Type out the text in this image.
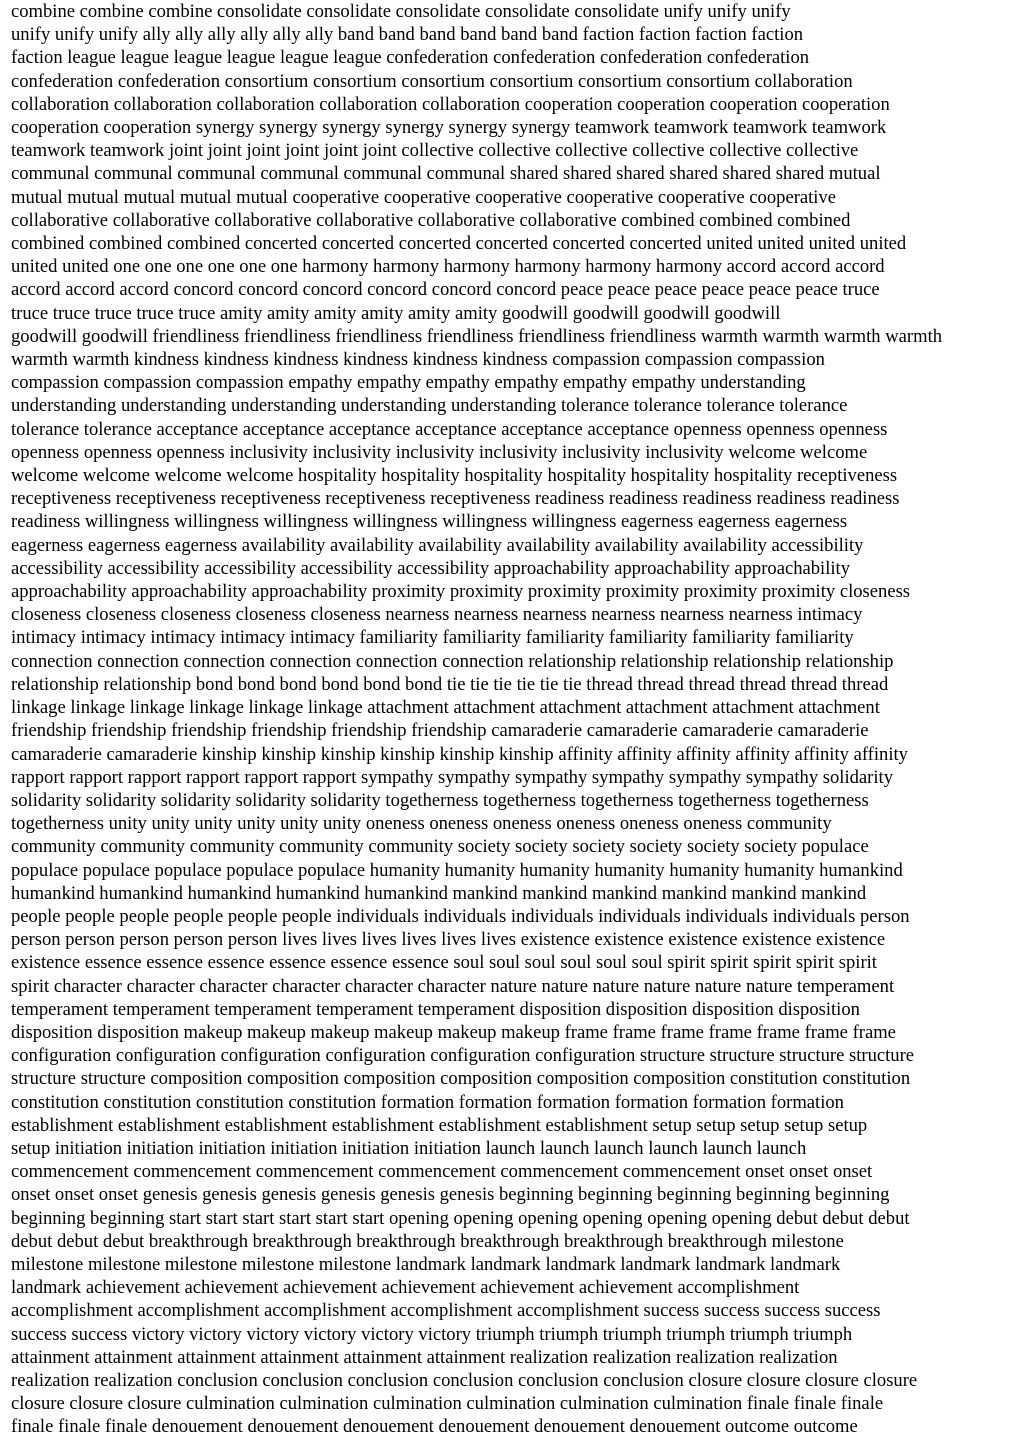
combine combine combine consolidate consolidate consolidate consolidate consolidate unify unify unify
unify unify unify ally ally ally ally ally ally band band band band band band faction faction faction faction
faction league league league league league league confederation confederation confederation confederation
confederation confederation consortium consortium consortium consortium consortium consortium collaboration
collaboration collaboration collaboration collaboration collaboration cooperation cooperation cooperation cooperation
cooperation cooperation synergy synergy synergy synergy synergy synergy teamwork teamwork teamwork teamwork
teamwork teamwork joint joint joint joint joint joint collective collective collective collective collective collective
communal communal communal communal communal communal shared shared shared shared shared shared mutual
mutual mutual mutual mutual mutual cooperative cooperative cooperative cooperative cooperative cooperative
collaborative collaborative collaborative collaborative collaborative collaborative combined combined combined
combined combined combined concerted concerted concerted concerted concerted concerted united united united united
united united one one one one one one harmony harmony harmony harmony harmony harmony accord accord accord
accord accord accord concord concord concord concord concord concord peace peace peace peace peace peace truce
truce truce truce truce truce amity amity amity amity amity amity goodwill goodwill goodwill goodwill
goodwill goodwill friendliness friendliness friendliness friendliness friendliness friendliness warmth warmth warmth warmth
warmth warmth kindness kindness kindness kindness kindness kindness compassion compassion compassion
compassion compassion compassion empathy empathy empathy empathy empathy empathy understanding
understanding understanding understanding understanding understanding tolerance tolerance tolerance tolerance
tolerance tolerance acceptance acceptance acceptance acceptance acceptance acceptance openness openness openness
openness openness openness inclusivity inclusivity inclusivity inclusivity inclusivity inclusivity welcome welcome
welcome welcome welcome welcome hospitality hospitality hospitality hospitality hospitality hospitality receptiveness
receptiveness receptiveness receptiveness receptiveness receptiveness readiness readiness readiness readiness readiness
readiness willingness willingness willingness willingness willingness willingness eagerness eagerness eagerness
eagerness eagerness eagerness availability availability availability availability availability availability accessibility
accessibility accessibility accessibility accessibility accessibility approachability approachability approachability
approachability approachability approachability proximity proximity proximity proximity proximity proximity closeness
closeness closeness closeness closeness closeness nearness nearness nearness nearness nearness nearness intimacy
intimacy intimacy intimacy intimacy intimacy familiarity familiarity familiarity familiarity familiarity familiarity
connection connection connection connection connection connection relationship relationship relationship relationship
relationship relationship bond bond bond bond bond bond tie tie tie tie tie tie thread thread thread thread thread thread
linkage linkage linkage linkage linkage linkage attachment attachment attachment attachment attachment attachment
friendship friendship friendship friendship friendship friendship camaraderie camaraderie camaraderie camaraderie
camaraderie camaraderie kinship kinship kinship kinship kinship kinship affinity affinity affinity affinity affinity affinity
rapport rapport rapport rapport rapport rapport sympathy sympathy sympathy sympathy sympathy sympathy solidarity
solidarity solidarity solidarity solidarity solidarity togetherness togetherness togetherness togetherness togetherness
togetherness unity unity unity unity unity unity oneness oneness oneness oneness oneness oneness community
community community community community community society society society society society society populace
populace populace populace populace populace humanity humanity humanity humanity humanity humanity humankind
humankind humankind humankind humankind humankind mankind mankind mankind mankind mankind mankind
people people people people people people individuals individuals individuals individuals individuals individuals person
person person person person person lives lives lives lives lives lives existence existence existence existence existence
existence essence essence essence essence essence essence soul soul soul soul soul soul spirit spirit spirit spirit spirit
spirit character character character character character character nature nature nature nature nature nature temperament
temperament temperament temperament temperament temperament disposition disposition disposition disposition
disposition disposition makeup makeup makeup makeup makeup makeup frame frame frame frame frame frame frame
configuration configuration configuration configuration configuration configuration structure structure structure structure
structure structure composition composition composition composition composition composition constitution constitution
constitution constitution constitution constitution formation formation formation formation formation formation
establishment establishment establishment establishment establishment establishment setup setup setup setup setup
setup initiation initiation initiation initiation initiation initiation launch launch launch launch launch launch
commencement commencement commencement commencement commencement commencement onset onset onset
onset onset onset genesis genesis genesis genesis genesis genesis beginning beginning beginning beginning beginning
beginning beginning start start start start start start opening opening opening opening opening opening debut debut debut
debut debut debut breakthrough breakthrough breakthrough breakthrough breakthrough breakthrough milestone
milestone milestone milestone milestone milestone landmark landmark landmark landmark landmark landmark
landmark achievement achievement achievement achievement achievement achievement accomplishment
accomplishment accomplishment accomplishment accomplishment accomplishment success success success success
success success victory victory victory victory victory victory triumph triumph triumph triumph triumph triumph
attainment attainment attainment attainment attainment attainment realization realization realization realization
realization realization conclusion conclusion conclusion conclusion conclusion conclusion closure closure closure closure
closure closure closure culmination culmination culmination culmination culmination culmination finale finale finale
finale finale finale denouement denouement denouement denouement denouement denouement outcome outcome
